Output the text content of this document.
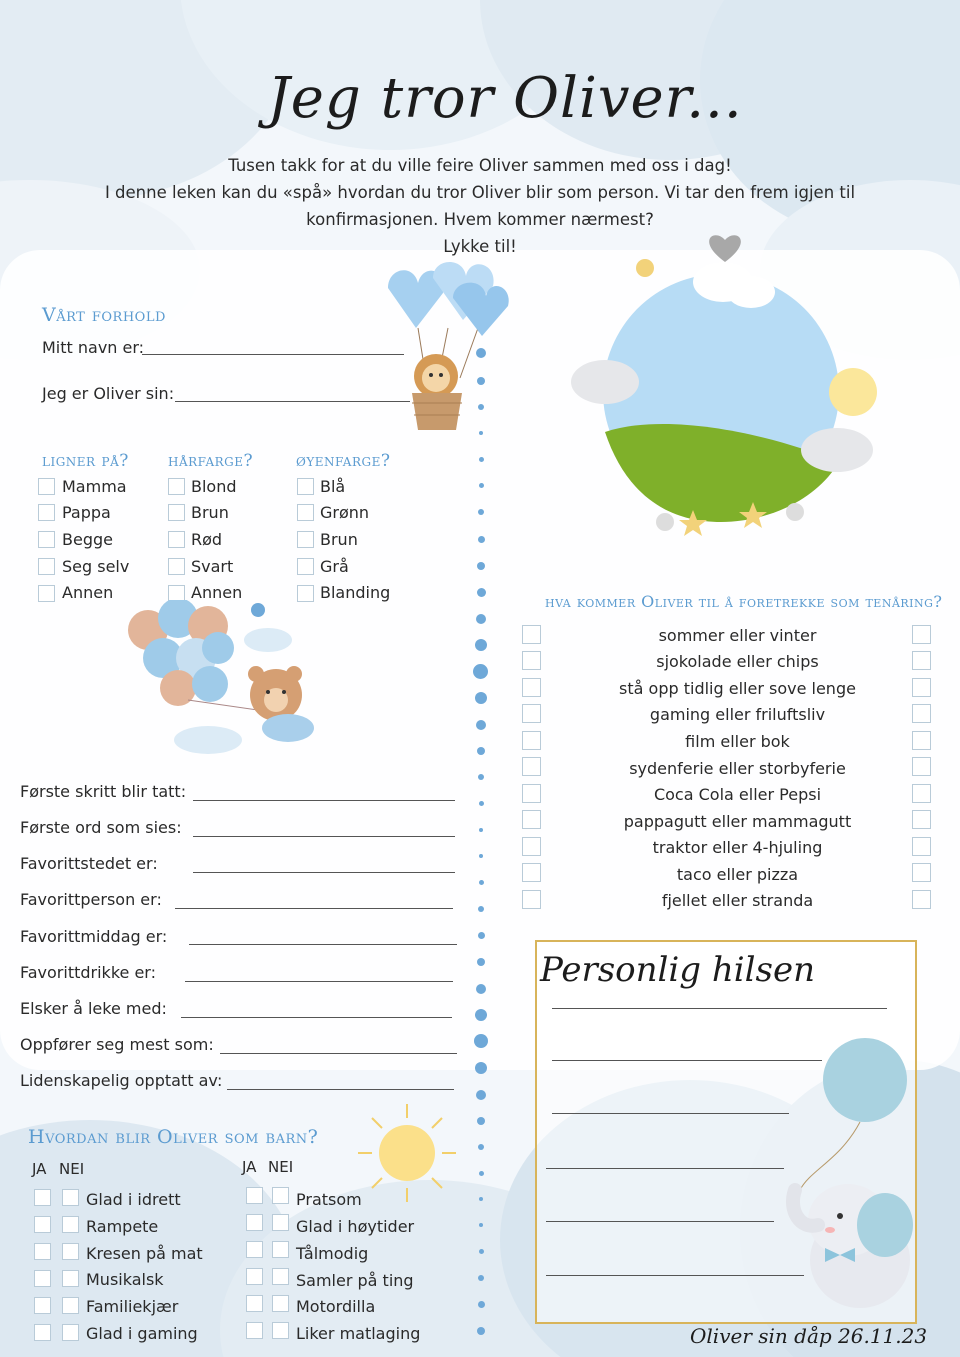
Jeg tror Oliver...
Tusen takk for at du ville feire Oliver sammen med oss i dag!
I denne leken kan du «spå» hvordan du tror Oliver blir som person. Vi tar den frem igjen til konfirmasjonen. Hvem kommer nærmest?
Lykke til!
Vårt forhold
Mitt navn er:
Jeg er Oliver sin:
ligner på? hårfarge?	øyenfarge?
Mamma
Pappa
Begge
Seg selv
Annen
Blond
Brun
Rød
Svart
Annen
Blå
Grønn
Brun
Grå
Blanding
Første skritt blir tatt:
Første ord som sies:
Favorittstedet er:
Favorittperson er:
Favorittmiddag er:
Favorittdrikke er:
Elsker å leke med:
Oppfører seg mest som:
Lidenskapelig opptatt av:
Hvordan blir Oliver som barn?
JA NEI	JA NEI
Glad i idrett
Rampete
Kresen på mat
Musikalsk
Familiekjær
Glad i gaming
Pratsom
Glad i høytider
Tålmodig
Samler på ting
Motordilla
Liker matlaging
hva kommer Oliver til å foretrekke som tenåring?
sommer eller vinter
sjokolade eller chips
stå opp tidlig eller sove lenge
gaming eller friluftsliv
film eller bok
sydenferie eller storbyferie
Coca Cola eller Pepsi
pappagutt eller mammagutt
traktor eller 4-hjuling
taco eller pizza
fjellet eller stranda
Personlig hilsen
Oliver sin dåp 26.11.23
